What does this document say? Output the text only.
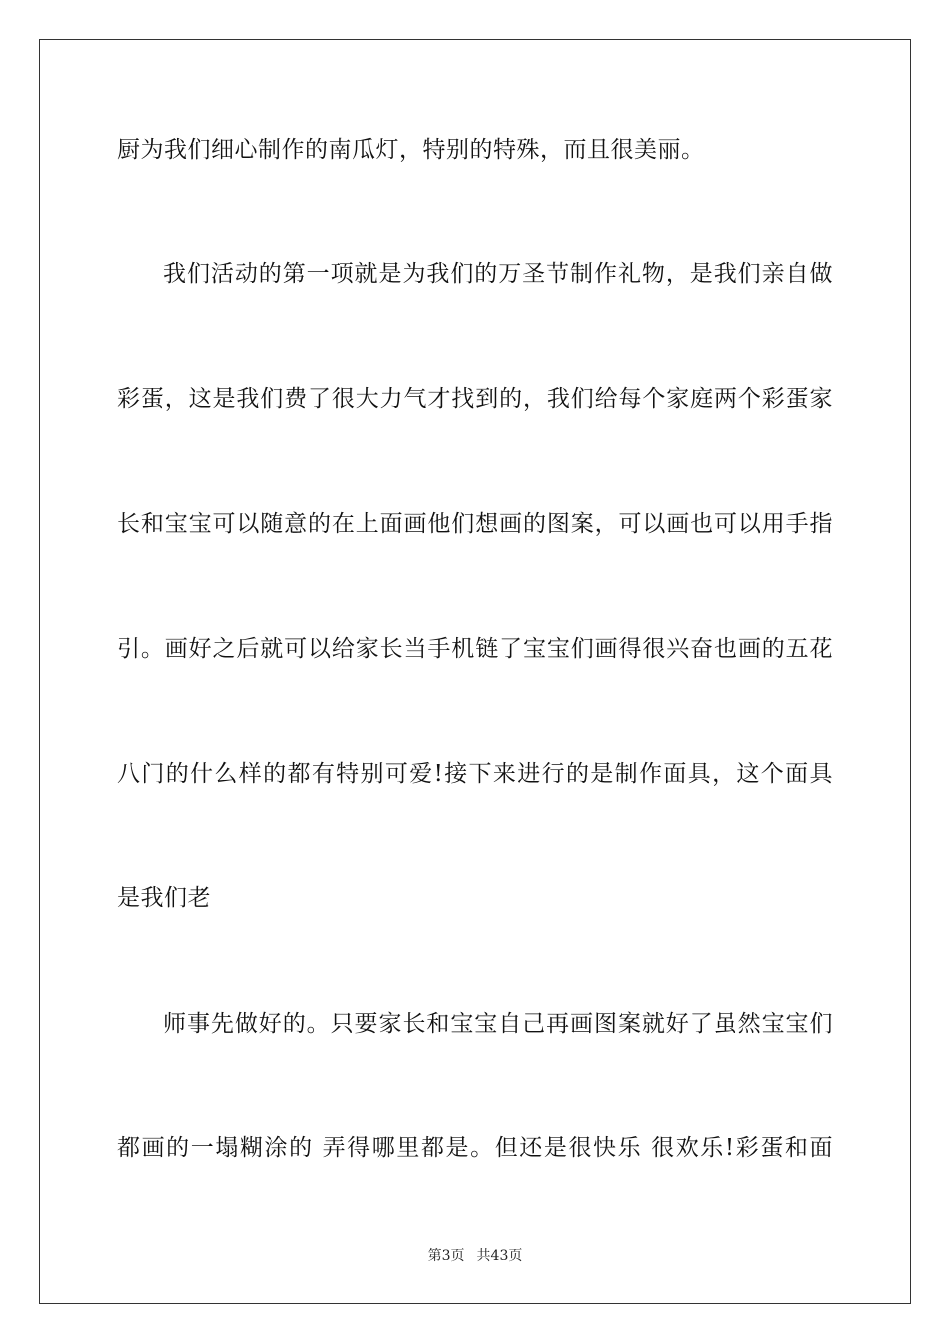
厨为我们细心制作的南瓜灯，特别的特殊，而且很美丽。
我们活动的第一项就是为我们的万圣节制作礼物，是我们亲自做
彩蛋，这是我们费了很大力气才找到的，我们给每个家庭两个彩蛋家
长和宝宝可以随意的在上面画他们想画的图案，可以画也可以用手指
引。画好之后就可以给家长当手机链了宝宝们画得很兴奋也画的五花
八门的什么样的都有特别可爱!接下来进行的是制作面具，这个面具
是我们老
师事先做好的。只要家长和宝宝自己再画图案就好了虽然宝宝们
都画的一塌糊涂的 弄得哪里都是。但还是很快乐 很欢乐!彩蛋和面
第3页 共43页
